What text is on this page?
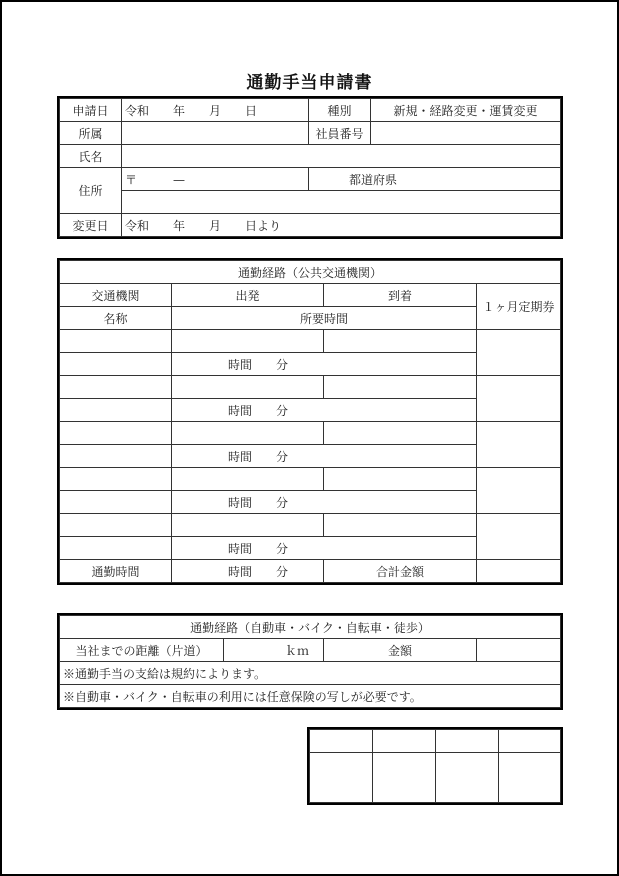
通勤手当申請書
申請日	令和　　年　　月　　日	種別	新規・経路変更・運賃変更
所属		社員番号	
氏名			
住所	〒　　　—	都道府県	

変更日	令和　　年　　月　　日より		
通勤経路（公共交通機関）			
交通機関	出発	到着	１ヶ月定期券
名称	所要時間		

	時間　　分		

	時間　　分		

	時間　　分		

	時間　　分		

	時間　　分		
通勤時間	時間　　分	合計金額	
通勤経路（自動車・バイク・自転車・徒歩）
当社までの距離（片道）	ｋｍ	金額	
※通勤手当の支給は規約によります。
※自動車・バイク・自転車の利用には任意保険の写しが必要です。
